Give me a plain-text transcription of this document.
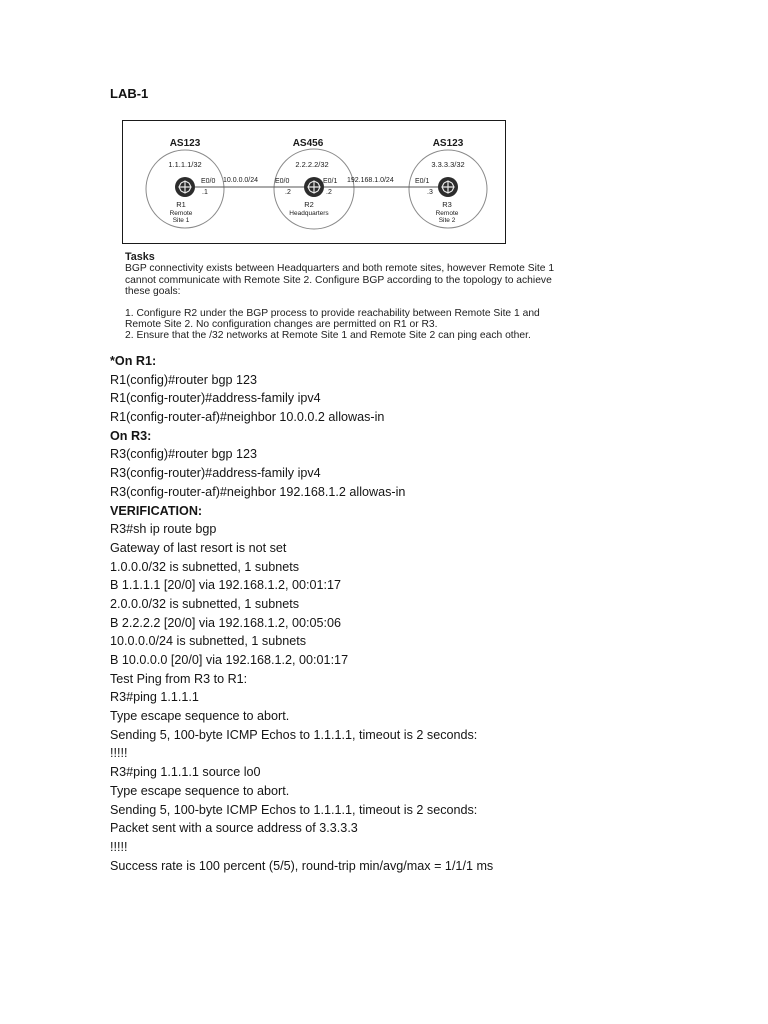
LAB-1
AS123	AS456	AS123
1.1.1.1/32	2.2.2.2/32	3.3.3.3/32
E0/0
.1
10.0.0.0/24	192.168.1.0/24
E0/0
.2
E0/1
.2
E0/1
.3
R1
Remote
Site 1
R2
Headquarters
R3
Remote
Site 2

Tasks

BGP connectivity exists between Headquarters and both remote sites, however Remote Site 1

cannot communicate with Remote Site 2. Configure BGP according to the topology to achieve

these goals:

1. Configure R2 under the BGP process to provide reachability between Remote Site 1 and

Remote Site 2. No configuration changes are permitted on R1 or R3.

2. Ensure that the /32 networks at Remote Site 1 and Remote Site 2 can ping each other.

*On R1:
R1(config)#router bgp 123
R1(config-router)#address-family ipv4
R1(config-router-af)#neighbor 10.0.0.2 allowas-in
On R3:
R3(config)#router bgp 123
R3(config-router)#address-family ipv4
R3(config-router-af)#neighbor 192.168.1.2 allowas-in
VERIFICATION:
R3#sh ip route bgp
Gateway of last resort is not set
1.0.0.0/32 is subnetted, 1 subnets
B 1.1.1.1 [20/0] via 192.168.1.2, 00:01:17
2.0.0.0/32 is subnetted, 1 subnets
B 2.2.2.2 [20/0] via 192.168.1.2, 00:05:06
10.0.0.0/24 is subnetted, 1 subnets
B 10.0.0.0 [20/0] via 192.168.1.2, 00:01:17
Test Ping from R3 to R1:
R3#ping 1.1.1.1
Type escape sequence to abort.
Sending 5, 100-byte ICMP Echos to 1.1.1.1, timeout is 2 seconds:
!!!!!
R3#ping 1.1.1.1 source lo0
Type escape sequence to abort.
Sending 5, 100-byte ICMP Echos to 1.1.1.1, timeout is 2 seconds:
Packet sent with a source address of 3.3.3.3
!!!!!
Success rate is 100 percent (5/5), round-trip min/avg/max = 1/1/1 ms
